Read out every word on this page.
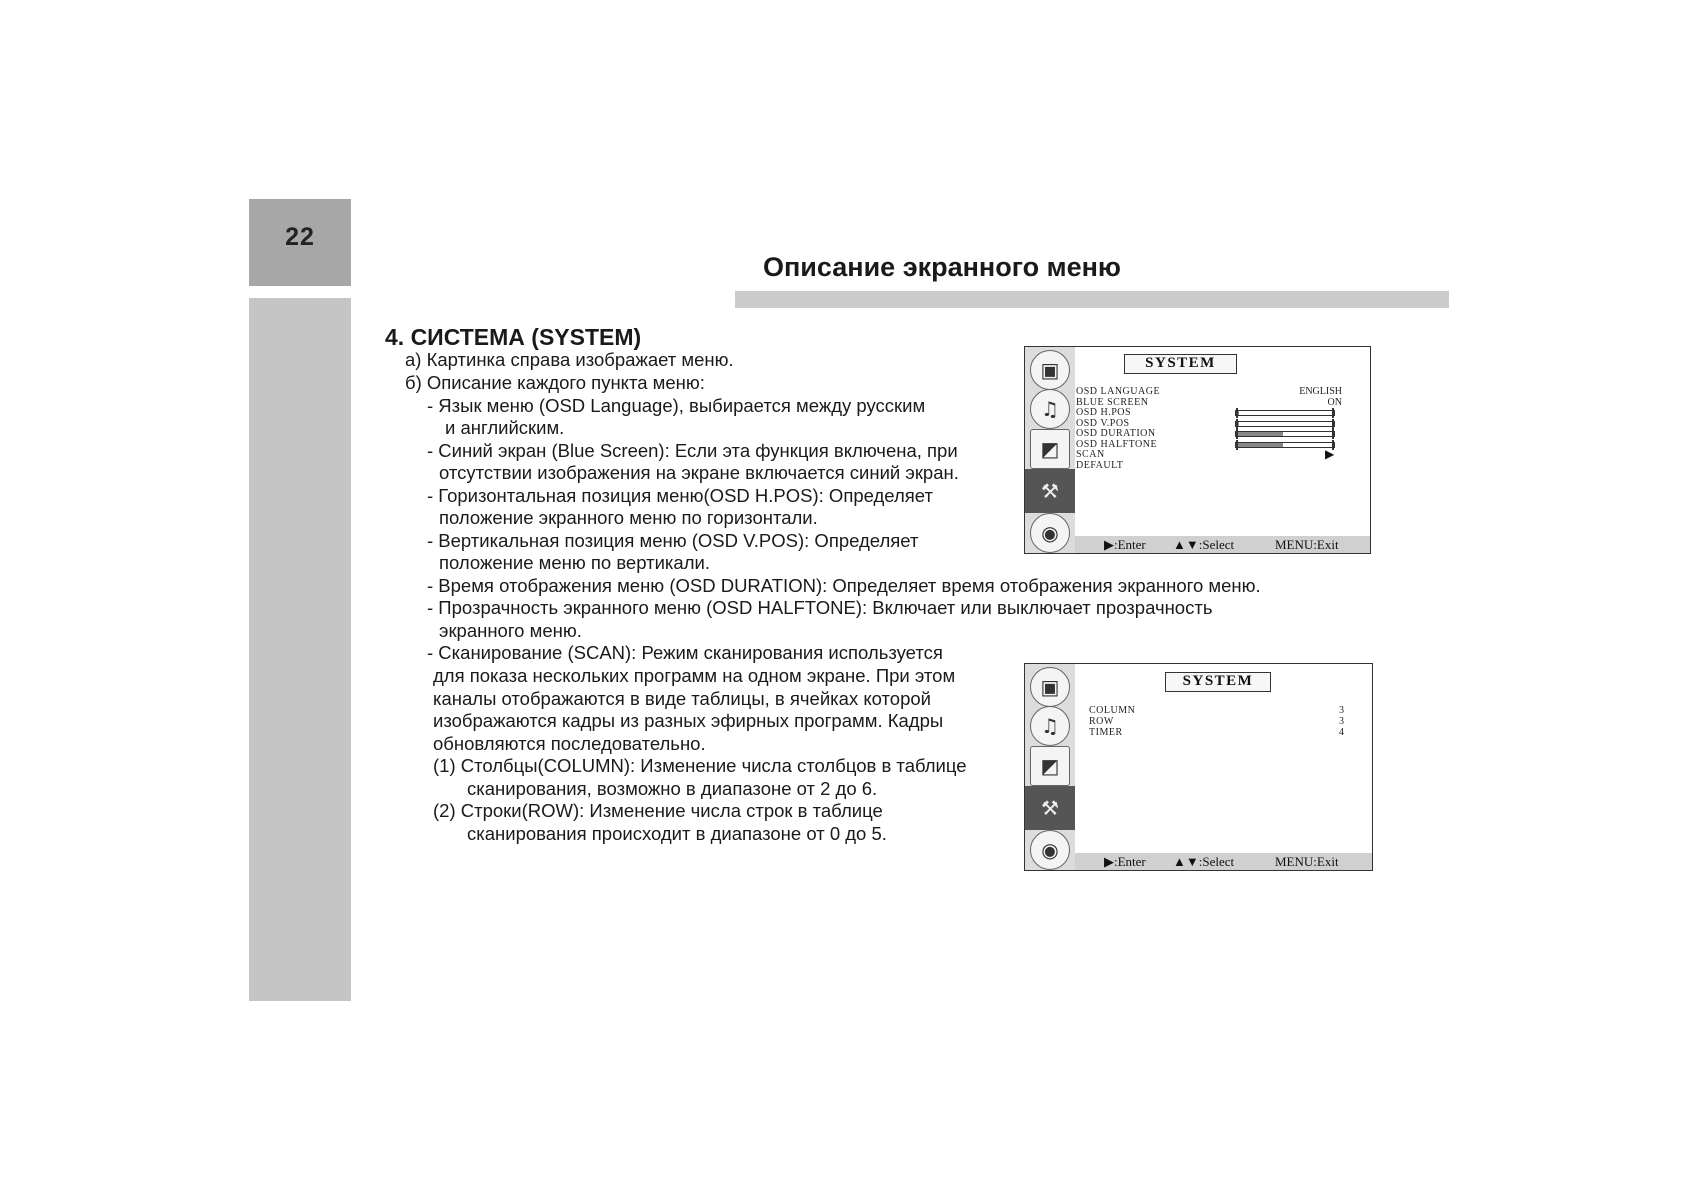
22
Описание экранного меню
4. СИСТЕМА (SYSTEM)
а) Картинка справа изображает меню.
б) Описание каждого пункта меню:
- Язык меню (OSD Language), выбирается между русским
и английским.
- Синий экран (Blue Screen): Если эта функция включена, при
отсутствии изображения на экране включается синий экран.
- Горизонтальная позиция меню(OSD H.POS): Определяет
положение экранного меню по горизонтали.
- Вертикальная позиция меню (OSD V.POS): Определяет
положение меню по вертикали.
- Время отображения меню (OSD DURATION): Определяет время отображения экранного меню.
- Прозрачность экранного меню (OSD HALFTONE): Включает или выключает прозрачность
экранного меню.
- Сканирование (SCAN): Режим сканирования используется
для показа нескольких программ на одном экране. При этом
каналы отображаются в виде таблицы, в ячейках которой
изображаются кадры из разных эфирных программ. Кадры
обновляются последовательно.
(1) Столбцы(COLUMN): Изменение числа столбцов в таблице
сканирования, возможно в диапазоне от 2 до 6.
(2) Строки(ROW): Изменение числа строк в таблице
сканирования происходит в диапазоне от 0 до 5.
▣
♫
◩
⚒
◉
SYSTEM
OSD LANGUAGE	ENGLISH
BLUE SCREEN	ON
OSD H.POS
OSD V.POS
OSD DURATION
OSD HALFTONE
SCAN	▶
DEFAULT
▶:Enter ▲▼:Select	MENU:Exit
▣
♫
◩
⚒
◉
SYSTEM
COLUMN	3
ROW	3
TIMER	4
▶:Enter ▲▼:Select	MENU:Exit
